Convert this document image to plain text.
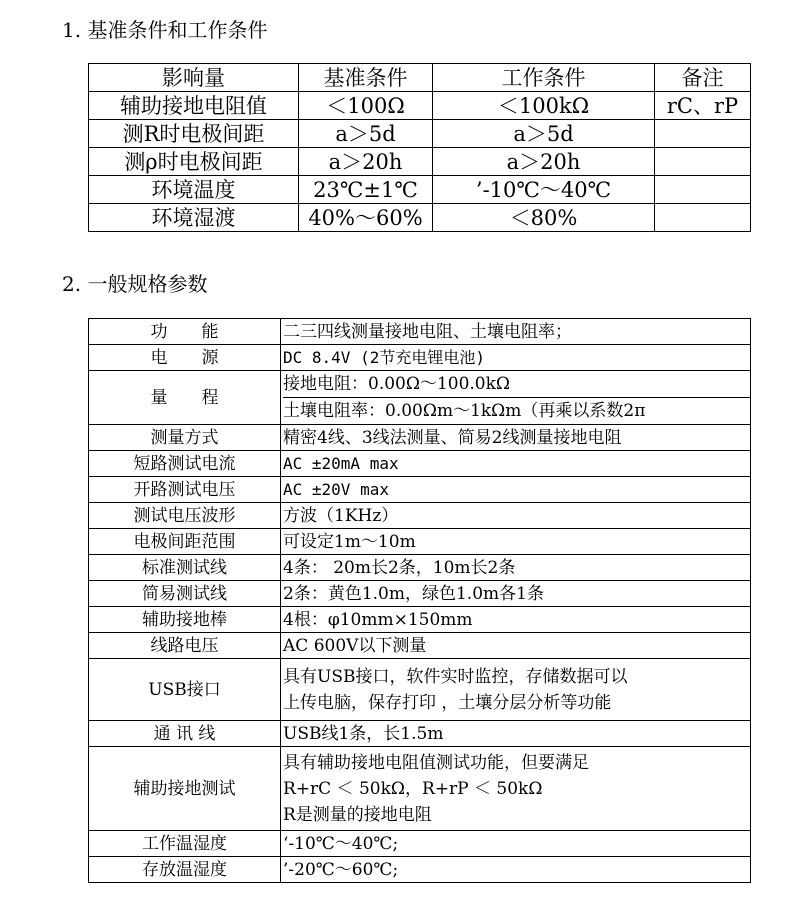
1. 基准条件和工作条件
影响量	基准条件	工作条件	备注
辅助接地电阻值	＜100Ω	＜100kΩ	rC、rP
测R时电极间距	a＞5d	a＞5d	
测ρ时电极间距	a＞20h	a＞20h	
环境温度	23℃±1℃	’-10℃～40℃	
环境湿渡	40%～60%	＜80%	
2. 一般规格参数
功　　能	二三四线测量接地电阻、土壤电阻率；
电　　源	DC 8.4V (2节充电锂电池)
量　　程	接地电阻：0.00Ω～100.0kΩ
土壤电阻率：0.00Ωm～1kΩm（再乘以系数2π

测量方式	精密4线、3线法测量、简易2线测量接地电阻
短路测试电流	AC ±20mA max
开路测试电压	AC ±20V max
测试电压波形	方波（1KHz）
电极间距范围	可设定1m～10m
标准测试线	4条： 20m长2条，10m长2条
简易测试线	2条：黄色1.0m，绿色1.0m各1条
辅助接地棒	4根：φ10mm×150mm
线路电压	AC 600V以下测量
USB接口	具有USB接口，软件实时监控，存储数据可以
上传电脑，保存打印 ，土壤分层分析等功能

通 讯 线	USB线1条，长1.5m
辅助接地测试	具有辅助接地电阻值测试功能，但要满足
R+rC ＜ 50kΩ，R+rP ＜ 50kΩ
R是测量的接地电阻

工作温湿度	‘-10℃～40℃;
存放温湿度	’-20℃～60℃;
